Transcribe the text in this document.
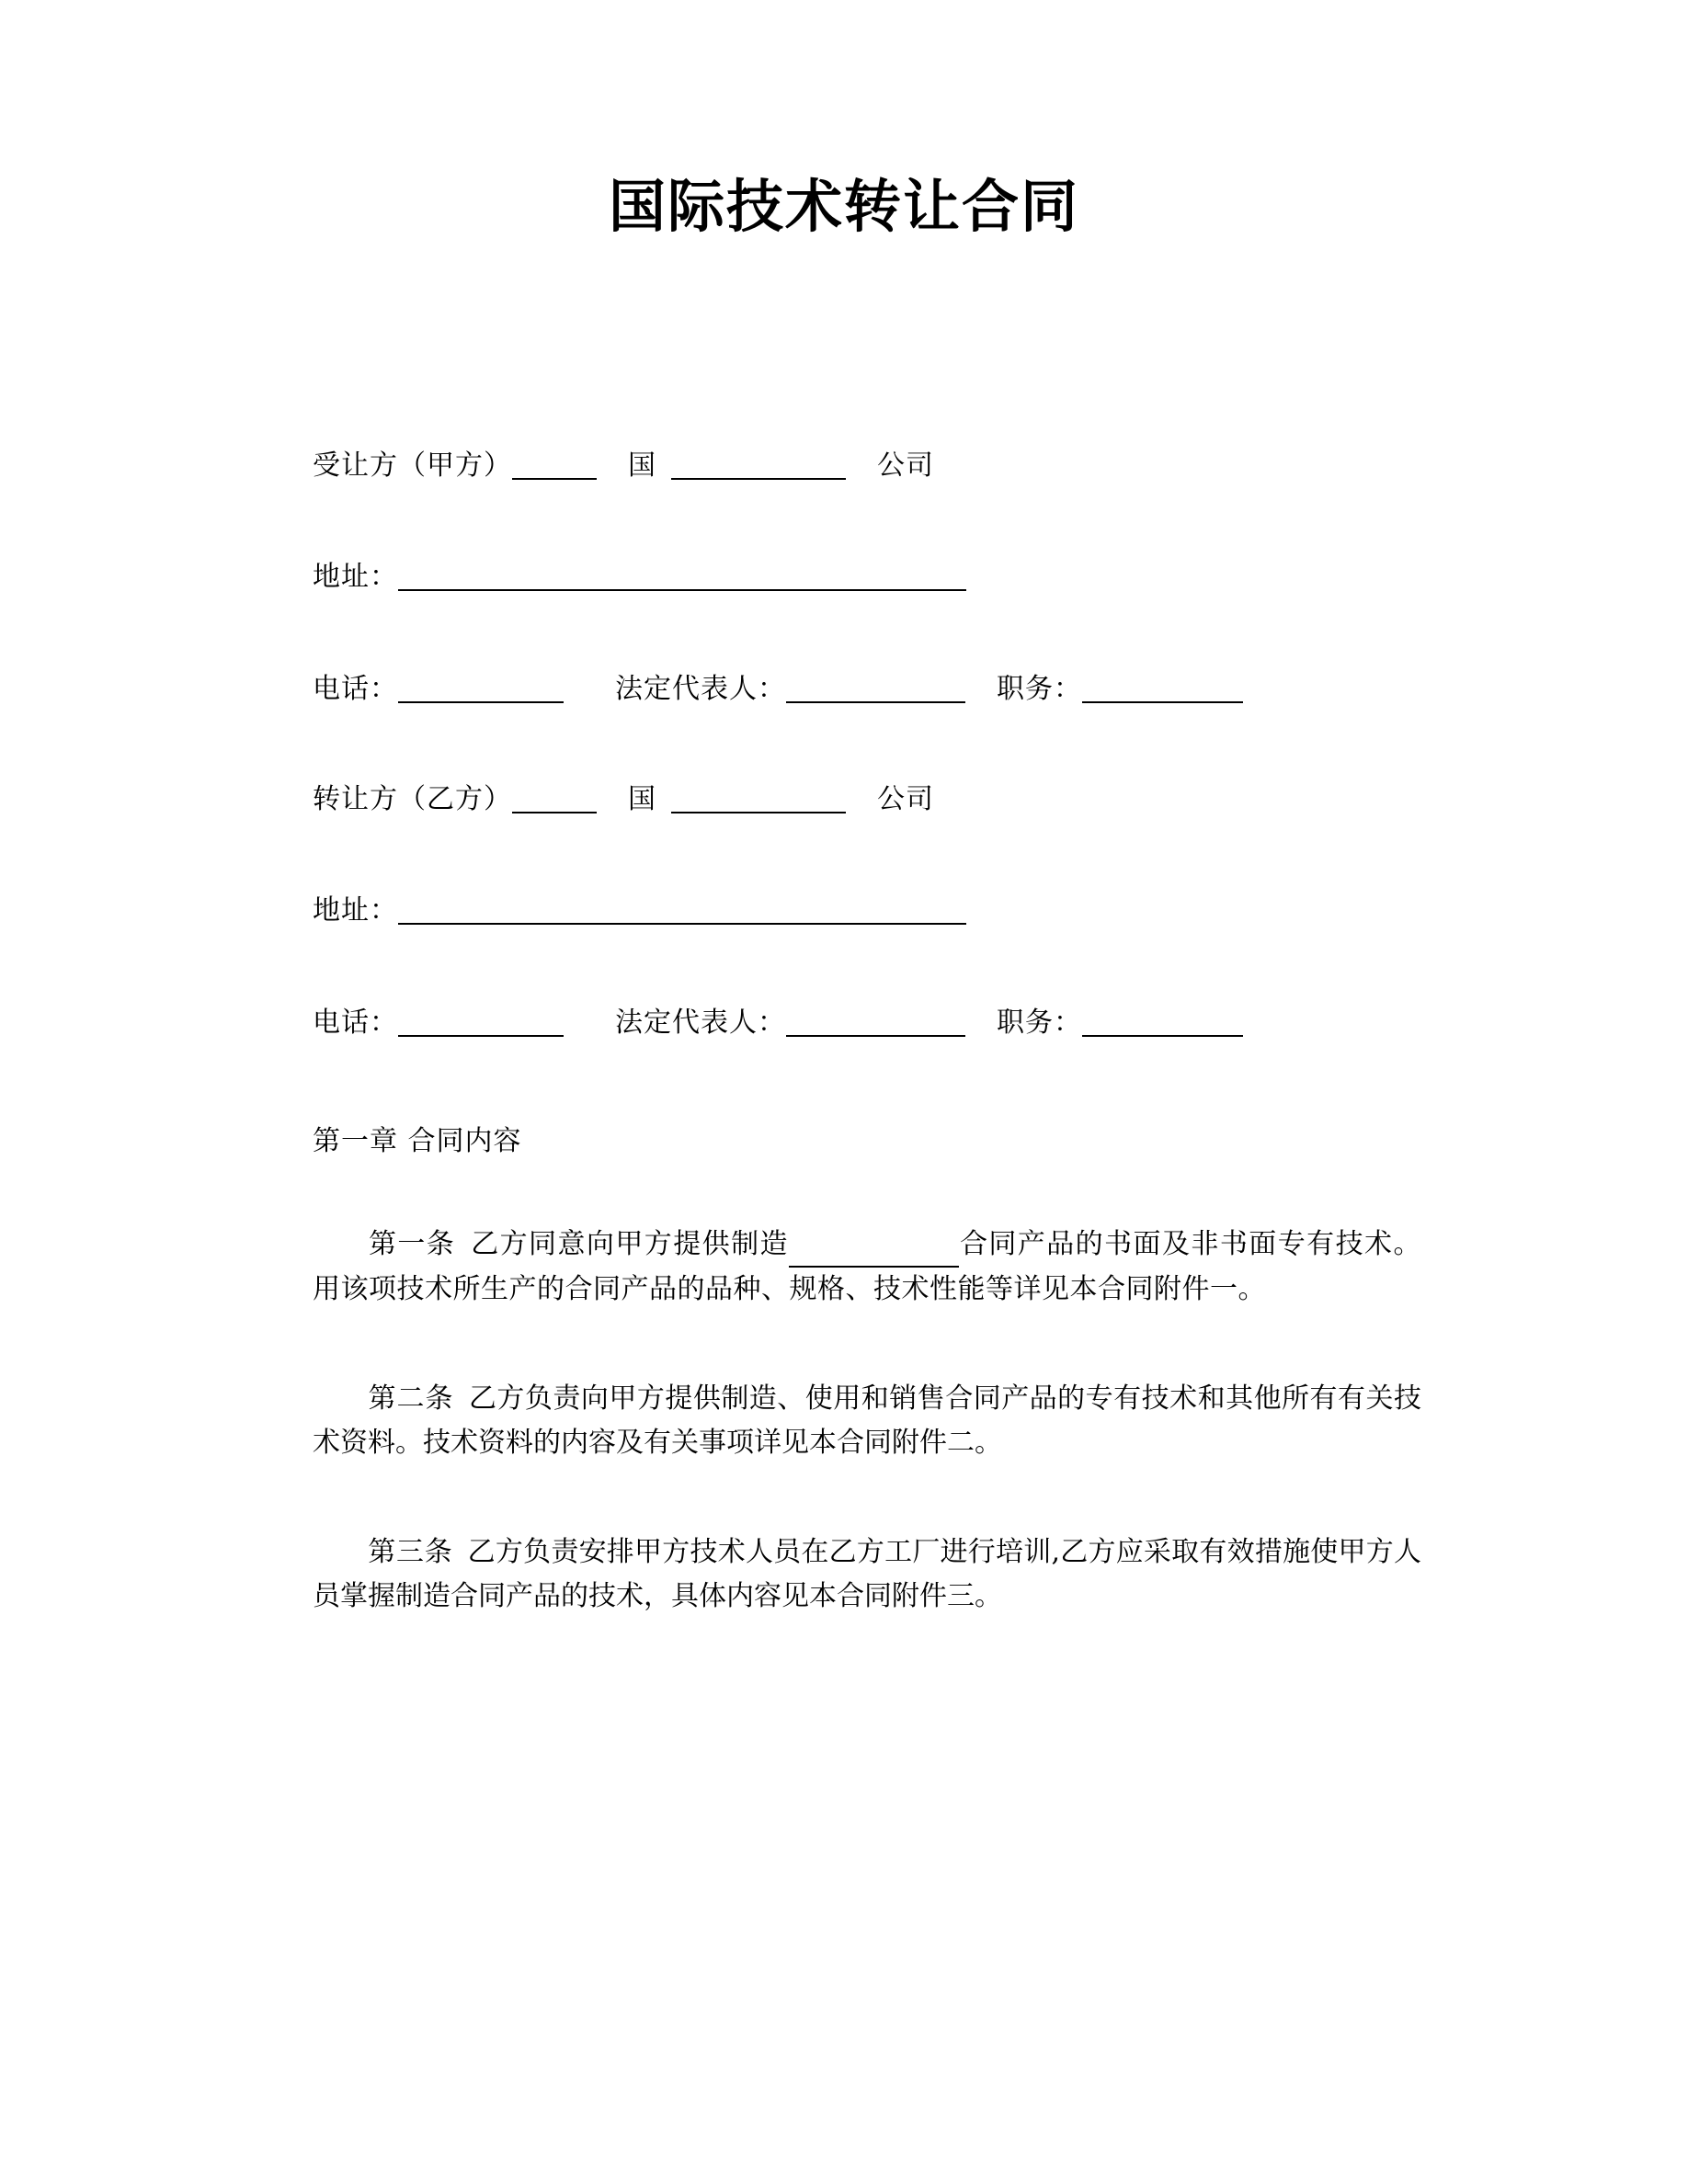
国际技术转让合同
受让方（甲方）	国	公司
地址：
电话：	法定代表人：	职务：
转让方（乙方）	国	公司
地址：
电话：	法定代表人：	职务：
第一章 合同内容
第一条 乙方同意向甲方提供制造	合同产品的书面及非书面专有技术。用该项技术所生产的合同产品的品种、规格、技术性能等详见本合同附件一。
第二条 乙方负责向甲方提供制造、使用和销售合同产品的专有技术和其他所有有关技术资料。技术资料的内容及有关事项详见本合同附件二。
第三条 乙方负责安排甲方技术人员在乙方工厂进行培训,乙方应采取有效措施使甲方人员掌握制造合同产品的技术，具体内容见本合同附件三。
